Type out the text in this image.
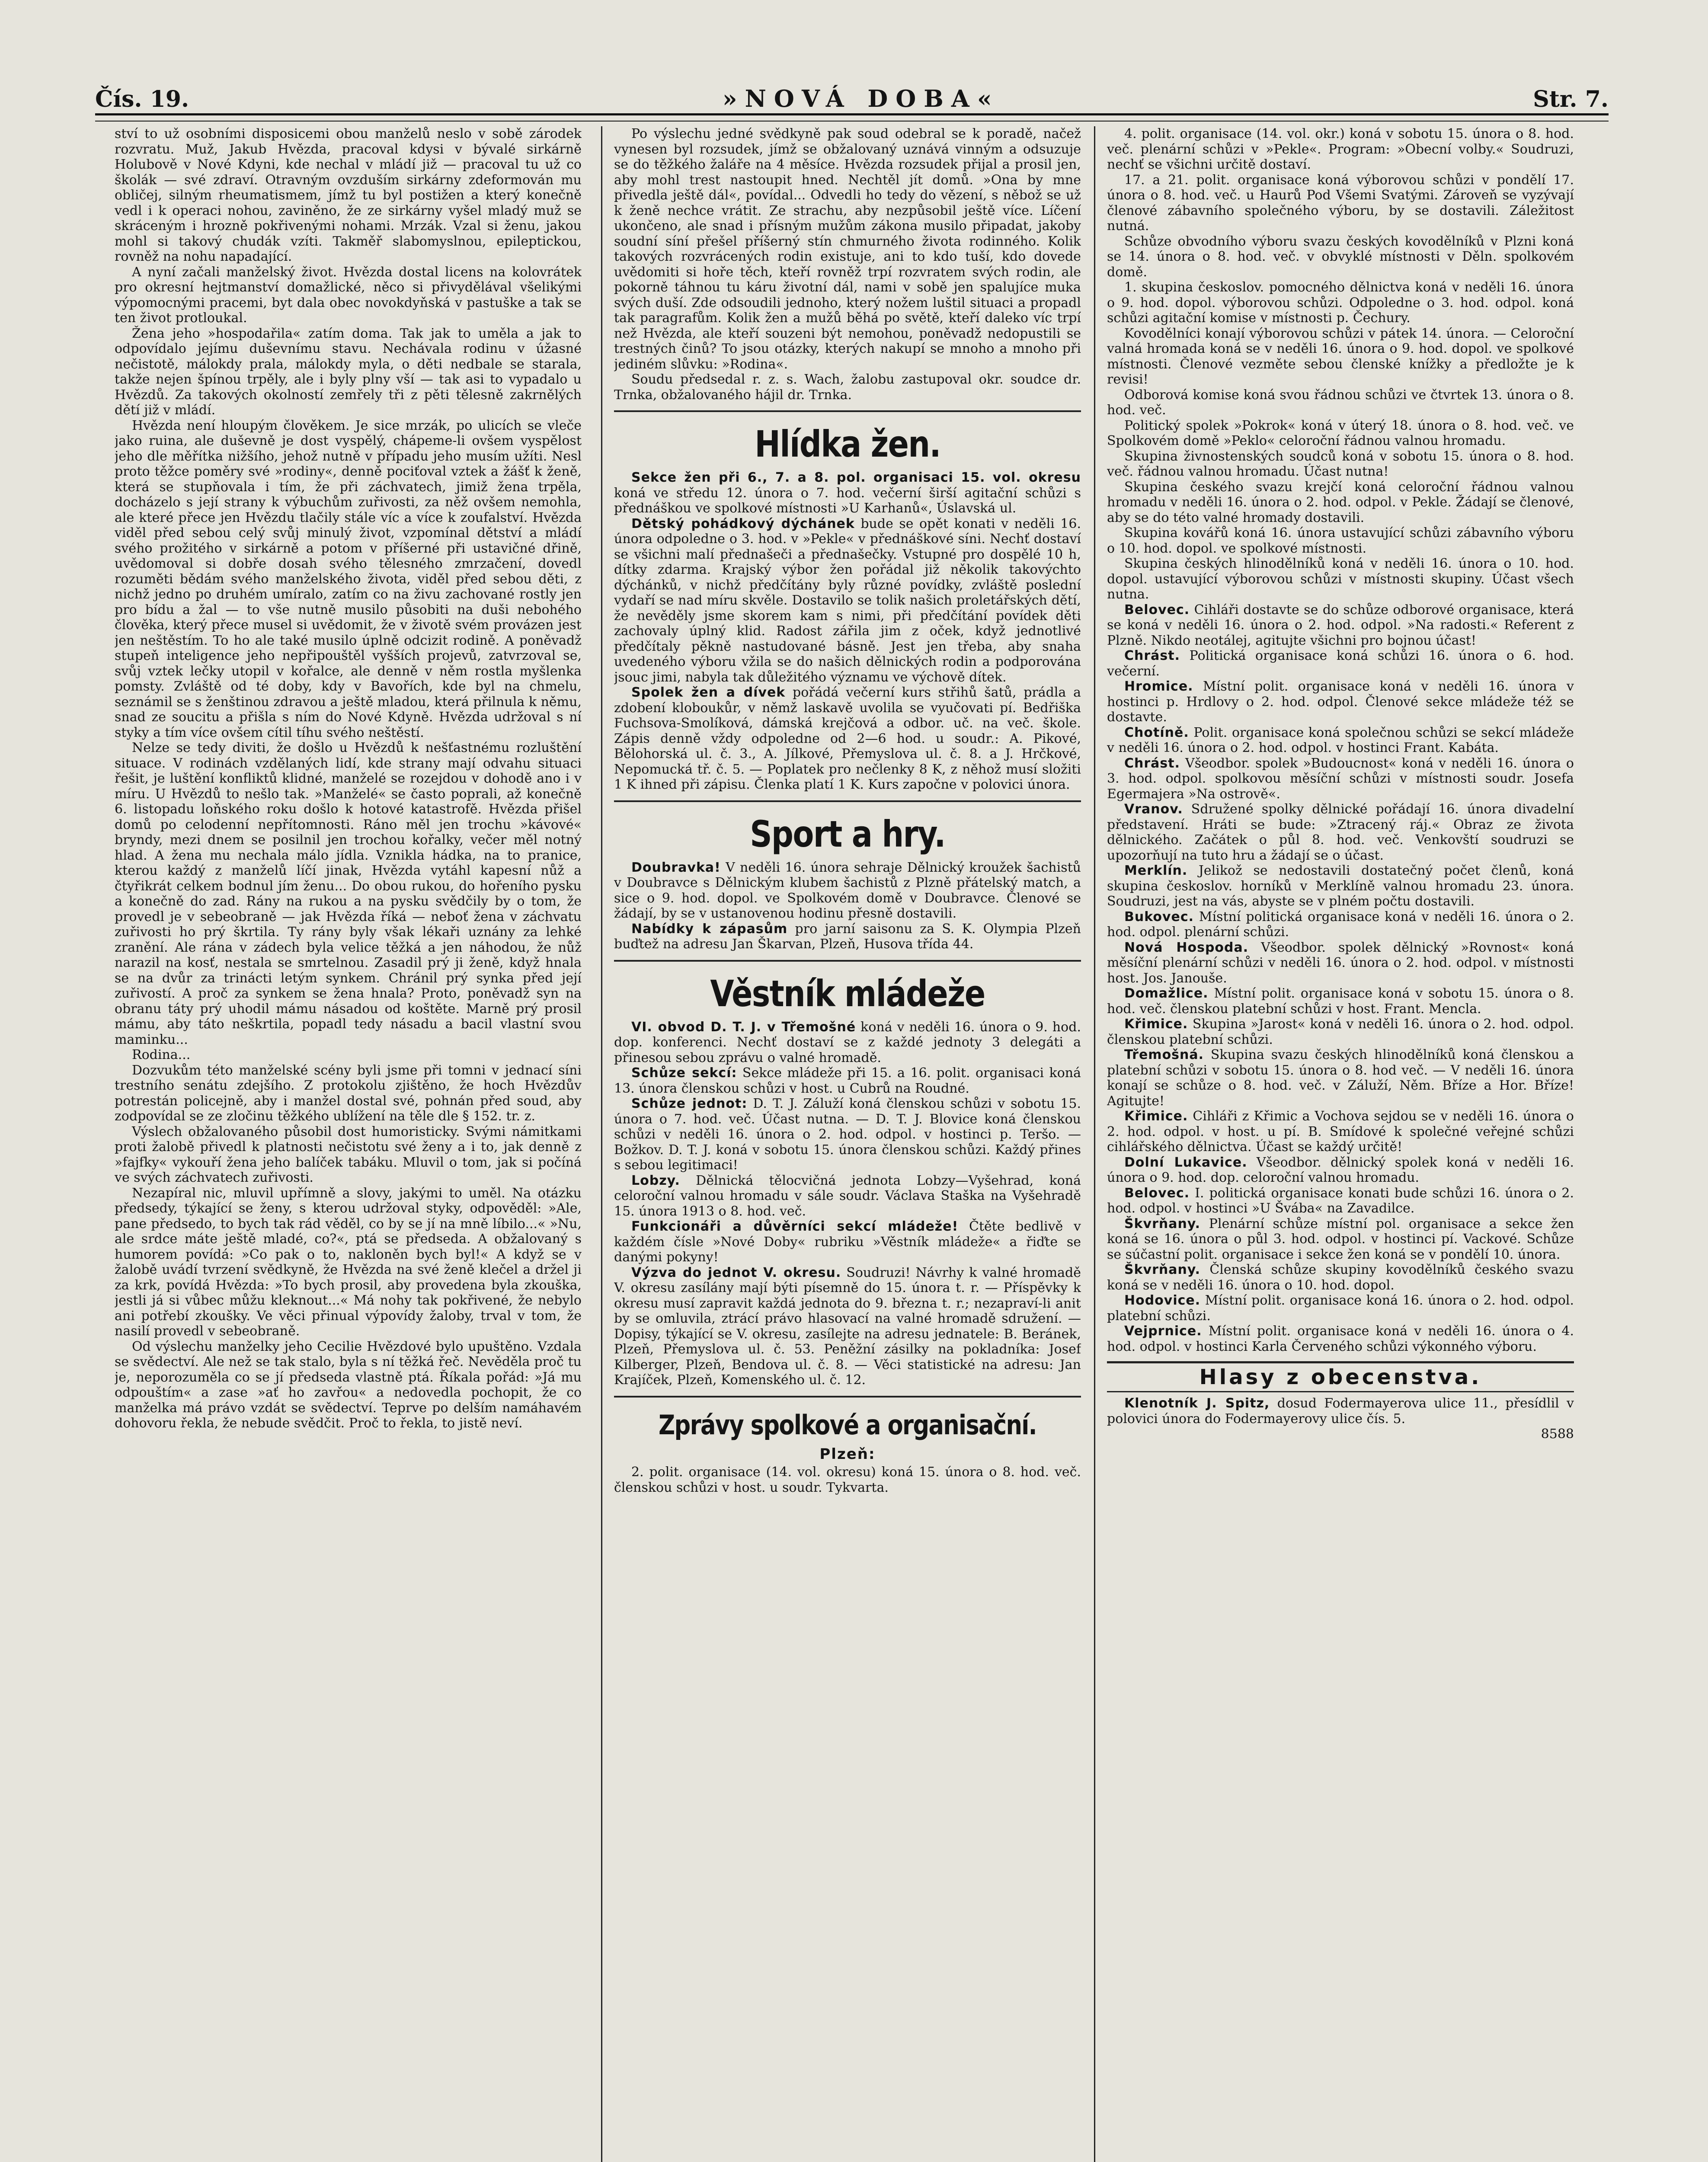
Čís. 19.	»NOVÁ DOBA«	Str. 7.

ství to už osobními disposicemi obou manželů neslo v sobě zárodek rozvratu. Muž, Jakub Hvězda, pracoval kdysi v bývalé sirkárně Holubově v Nové Kdyni, kde nechal v mládí již — pracoval tu už co školák — své zdraví. Otravným ovzduším sirkárny zdeformován mu obličej, silným rheumatismem, jímž tu byl postižen a který konečně vedl i k operaci nohou, zaviněno, že ze sirkárny vyšel mladý muž se skráceným i hrozně pokřivenými nohami. Mrzák. Vzal si ženu, jakou mohl si takový chudák vzíti. Takměř slabomyslnou, epileptickou, rovněž na nohu napadající.

A nyní začali manželský život. Hvězda dostal licens na kolovrátek pro okresní hejtmanství domažlické, něco si přivydělával všelikými výpomocnými pracemi, byt dala obec novokdyňská v pastuške a tak se ten život protloukal.

Žena jeho »hospodařila« zatím doma. Tak jak to uměla a jak to odpovídalo jejímu duševnímu stavu. Nechávala rodinu v úžasné nečistotě, málokdy prala, málokdy myla, o děti nedbale se starala, takže nejen špínou trpěly, ale i byly plny vší — tak asi to vypadalo u Hvězdů. Za takových okolností zemřely tři z pěti tělesně zakrnělých dětí již v mládí.

Hvězda není hloupým člověkem. Je sice mrzák, po ulicích se vleče jako ruina, ale duševně je dost vyspělý, chápeme-li ovšem vyspělost jeho dle měřítka nižšího, jehož nutně v případu jeho musím užíti. Nesl proto těžce poměry své »rodiny«, denně pociťoval vztek a žášť k ženě, která se stupňovala i tím, že při záchvatech, jimiž žena trpěla, docházelo s její strany k výbuchům zuřivosti, za něž ovšem nemohla, ale které přece jen Hvězdu tlačily stále víc a více k zoufalství. Hvězda viděl před sebou celý svůj minulý život, vzpomínal dětství a mládí svého prožitého v sirkárně a potom v příšerné při ustavičné dřině, uvědomoval si dobře dosah svého tělesného zmrzačení, dovedl rozuměti bědám svého manželského života, viděl před sebou děti, z nichž jedno po druhém umíralo, zatím co na živu zachované rostly jen pro bídu a žal — to vše nutně musilo působiti na duši nebohého člověka, který přece musel si uvědomit, že v životě svém provázen jest jen neštěstím. To ho ale také musilo úplně odcizit rodině. A poněvadž stupeň inteligence jeho nepřipouštěl vyšších projevů, zatvrzoval se, svůj vztek lečky utopil v kořalce, ale denně v něm rostla myšlenka pomsty. Zvláště od té doby, kdy v Bavořích, kde byl na chmelu, seznámil se s ženštinou zdravou a ještě mladou, která přilnula k němu, snad ze soucitu a přišla s ním do Nové Kdyně. Hvězda udržoval s ní styky a tím více ovšem cítil tíhu svého neštěstí.

Nelze se tedy diviti, že došlo u Hvězdů k nešťastnému rozluštění situace. V rodinách vzdělaných lidí, kde strany mají odvahu situaci řešit, je luštění konfliktů klidné, manželé se rozejdou v dohodě ano i v míru. U Hvězdů to nešlo tak. »Manželé« se často poprali, až konečně 6. listopadu loňského roku došlo k hotové katastrofě. Hvězda přišel domů po celodenní nepřítomnosti. Ráno měl jen trochu »kávové« bryndy, mezi dnem se posilnil jen trochou kořalky, večer měl notný hlad. A žena mu nechala málo jídla. Vznikla hádka, na to pranice, kterou každý z manželů líčí jinak, Hvězda vytáhl kapesní nůž a čtyřikrát celkem bodnul jím ženu... Do obou rukou, do hořeního pysku a konečně do zad. Rány na rukou a na pysku svědčily by o tom, že provedl je v sebeobraně — jak Hvězda říká — neboť žena v záchvatu zuřivosti ho prý škrtila. Ty rány byly však lékaři uznány za lehké zranění. Ale rána v zádech byla velice těžká a jen náhodou, že nůž narazil na kosť, nestala se smrtelnou. Zasadil prý ji ženě, když hnala se na dvůr za trinácti letým synkem. Chránil prý synka před její zuřivostí. A proč za synkem se žena hnala? Proto, poněvadž syn na obranu táty prý uhodil mámu násadou od koštěte. Marně prý prosil mámu, aby táto neškrtila, popadl tedy násadu a bacil vlastní svou maminku...

Rodina...

Dozvukům této manželské scény byli jsme při tomni v jednací síni trestního senátu zdejšího. Z protokolu zjištěno, že hoch Hvězdův potrestán policejně, aby i manžel dostal své, pohnán před soud, aby zodpovídal se ze zločinu těžkého ublížení na těle dle § 152. tr. z.

Výslech obžalovaného působil dost humoristicky. Svými námitkami proti žalobě přivedl k platnosti nečistotu své ženy a i to, jak denně z »fajfky« vykouří žena jeho balíček tabáku. Mluvil o tom, jak si počíná ve svých záchvatech zuřivosti.

Nezapíral nic, mluvil upřímně a slovy, jakými to uměl. Na otázku předsedy, týkající se ženy, s kterou udržoval styky, odpověděl: »Ale, pane předsedo, to bych tak rád věděl, co by se jí na mně líbilo...« »Nu, ale srdce máte ještě mladé, co?«, ptá se předseda. A obžalovaný s humorem povídá: »Co pak o to, nakloněn bych byl!« A když se v žalobě uvádí tvrzení svědkyně, že Hvězda na své ženě klečel a držel ji za krk, povídá Hvězda: »To bych prosil, aby provedena byla zkouška, jestli já si vůbec můžu kleknout...« Má nohy tak pokřivené, že nebylo ani potřebí zkoušky. Ve věci přinual výpovídy žaloby, trval v tom, že nasilí provedl v sebeobraně.

Od výslechu manželky jeho Cecilie Hvězdové bylo upuštěno. Vzdala se svědectví. Ale než se tak stalo, byla s ní těžká řeč. Nevěděla proč tu je, neporozuměla co se jí předseda vlastně ptá. Říkala pořád: »Já mu odpouštím« a zase »ať ho zavřou« a nedovedla pochopit, že co manželka má právo vzdát se svědectví. Teprve po delším namáhavém dohovoru řekla, že nebude svědčit. Proč to řekla, to jistě neví.

Po výslechu jedné svědkyně pak soud odebral se k poradě, načež vynesen byl rozsudek, jímž se obžalovaný uznává vinným a odsuzuje se do těžkého žaláře na 4 měsíce. Hvězda rozsudek přijal a prosil jen, aby mohl trest nastoupit hned. Nechtěl jít domů. »Ona by mne přivedla ještě dál«, povídal... Odvedli ho tedy do vězení, s něbož se už k ženě nechce vrátit. Ze strachu, aby nezpůsobil ještě více. Líčení ukončeno, ale snad i přísným mužům zákona musilo připadat, jakoby soudní síní přešel příšerný stín chmurného života rodinného. Kolik takových rozvrácených rodin existuje, ani to kdo tuší, kdo dovede uvědomiti si hoře těch, kteří rovněž trpí rozvratem svých rodin, ale pokorně táhnou tu káru životní dál, nami v sobě jen spalujíce muka svých duší. Zde odsoudili jednoho, který nožem luštil situaci a propadl tak paragrafům. Kolik žen a mužů běhá po světě, kteří daleko víc trpí než Hvězda, ale kteří souzeni být nemohou, poněvadž nedopustili se trestných činů? To jsou otázky, kterých nakupí se mnoho a mnoho při jediném slůvku: »Rodina«.

Soudu předsedal r. z. s. Wach, žalobu zastupoval okr. soudce dr. Trnka, obžalovaného hájil dr. Trnka.

Hlídka žen.

Sekce žen při 6., 7. a 8. pol. organisaci 15. vol. okresu koná ve středu 12. února o 7. hod. večerní širší agitační schůzi s přednáškou ve spolkové místnosti »U Karhanů«, Úslavská ul.

Dětský pohádkový dýchánek bude se opět konati v neděli 16. února odpoledne o 3. hod. v »Pekle« v přednáškové síni. Nechť dostaví se všichni malí přednašeči a přednašečky. Vstupné pro dospělé 10 h, dítky zdarma. Krajský výbor žen pořádal již několik takovýchto dýchánků, v nichž předčítány byly různé povídky, zvláště poslední vydaří se nad míru skvěle. Dostavilo se tolik našich proletářských dětí, že nevěděly jsme skorem kam s nimi, při předčítání povídek děti zachovaly úplný klid. Radost zářila jim z oček, když jednotlivé předčítaly pěkně nastudované básně. Jest jen třeba, aby snaha uvedeného výboru vžila se do našich dělnických rodin a podporována jsouc jimi, nabyla tak důležitého významu ve výchově dítek.

Spolek žen a dívek pořádá večerní kurs střihů šatů, prádla a zdobení kloboukůr, v němž laskavě uvolila se vyučovati pí. Bedřiška Fuchsova-Smolíková, dámská krejčová a odbor. uč. na več. škole. Zápis denně vždy odpoledne od 2—6 hod. u soudr.: A. Pikové, Bělohorská ul. č. 3., A. Jílkové, Přemyslova ul. č. 8. a J. Hrčkové, Nepomucká tř. č. 5. — Poplatek pro nečlenky 8 K, z něhož musí složiti 1 K ihned při zápisu. Členka platí 1 K. Kurs započne v polovici února.

Sport a hry.

Doubravka! V neděli 16. února sehraje Dělnický kroužek šachistů v Doubravce s Dělnickým klubem šachistů z Plzně přátelský match, a sice o 9. hod. dopol. ve Spolkovém domě v Doubravce. Členové se žádají, by se v ustanovenou hodinu přesně dostavili.

Nabídky k zápasům pro jarní saisonu za S. K. Olympia Plzeň buďtež na adresu Jan Škarvan, Plzeň, Husova třída 44.

Věstník mládeže

VI. obvod D. T. J. v Třemošné koná v neděli 16. února o 9. hod. dop. konferenci. Nechť dostaví se z každé jednoty 3 delegáti a přinesou sebou zprávu o valné hromadě.

Schůze sekcí: Sekce mládeže při 15. a 16. polit. organisaci koná 13. února členskou schůzi v host. u Cubrů na Roudné.

Schůze jednot: D. T. J. Záluží koná členskou schůzi v sobotu 15. února o 7. hod. več. Účast nutna. — D. T. J. Blovice koná členskou schůzi v neděli 16. února o 2. hod. odpol. v hostinci p. Teršo. — Božkov. D. T. J. koná v sobotu 15. února členskou schůzi. Každý přines s sebou legitimaci!

Lobzy. Dělnická tělocvičná jednota Lobzy—Vyšehrad, koná celoroční valnou hromadu v sále soudr. Václava Staška na Vyšehradě 15. února 1913 o 8. hod. več.

Funkcionáři a důvěrníci sekcí mládeže! Čtěte bedlivě v každém čísle »Nové Doby« rubriku »Věstník mládeže« a řiďte se danými pokyny!

Výzva do jednot V. okresu. Soudruzi! Návrhy k valné hromadě V. okresu zasílány mají býti písemně do 15. února t. r. — Příspěvky k okresu musí zapravit každá jednota do 9. března t. r.; nezapraví-li anit by se omluvila, ztrácí právo hlasovací na valné hromadě sdružení. — Dopisy, týkající se V. okresu, zasílejte na adresu jednatele: B. Beránek, Plzeň, Přemyslova ul. č. 53. Peněžní zásilky na pokladníka: Josef Kilberger, Plzeň, Bendova ul. č. 8. — Věci statistické na adresu: Jan Krajíček, Plzeň, Komenského ul. č. 12.

Zprávy spolkové a organisační.
Plzeň:

2. polit. organisace (14. vol. okresu) koná 15. února o 8. hod. več. členskou schůzi v host. u soudr. Tykvarta.

4. polit. organisace (14. vol. okr.) koná v sobotu 15. února o 8. hod. več. plenární schůzi v »Pekle«. Program: »Obecní volby.« Soudruzi, nechť se všichni určitě dostaví.

17. a 21. polit. organisace koná výborovou schůzi v pondělí 17. února o 8. hod. več. u Haurů Pod Všemi Svatými. Zároveň se vyzývají členové zábavního společného výboru, by se dostavili. Záležitost nutná.

Schůze obvodního výboru svazu českých kovodělníků v Plzni koná se 14. února o 8. hod. več. v obvyklé místnosti v Děln. spolkovém domě.

1. skupina českoslov. pomocného dělnictva koná v neděli 16. února o 9. hod. dopol. výborovou schůzi. Odpoledne o 3. hod. odpol. koná schůzi agitační komise v místnosti p. Čechury.

Kovodělníci konají výborovou schůzi v pátek 14. února. — Celoroční valná hromada koná se v neděli 16. února o 9. hod. dopol. ve spolkové místnosti. Členové vezměte sebou členské knížky a předložte je k revisi!

Odborová komise koná svou řádnou schůzi ve čtvrtek 13. února o 8. hod. več.

Politický spolek »Pokrok« koná v úterý 18. února o 8. hod. več. ve Spolkovém domě »Peklo« celoroční řádnou valnou hromadu.

Skupina živnostenských soudců koná v sobotu 15. února o 8. hod. več. řádnou valnou hromadu. Účast nutna!

Skupina českého svazu krejčí koná celoroční řádnou valnou hromadu v neděli 16. února o 2. hod. odpol. v Pekle. Žádají se členové, aby se do této valné hromady dostavili.

Skupina kovářů koná 16. února ustavující schůzi zábavního výboru o 10. hod. dopol. ve spolkové místnosti.

Skupina českých hlinodělníků koná v neděli 16. února o 10. hod. dopol. ustavující výborovou schůzi v místnosti skupiny. Účast všech nutna.

Belovec. Cihláři dostavte se do schůze odborové organisace, která se koná v neděli 16. února o 2. hod. odpol. »Na radosti.« Referent z Plzně. Nikdo neotálej, agitujte všichni pro bojnou účast!

Chrást. Politická organisace koná schůzi 16. února o 6. hod. večerní.

Hromice. Místní polit. organisace koná v neděli 16. února v hostinci p. Hrdlovy o 2. hod. odpol. Členové sekce mládeže též se dostavte.

Chotíně. Polit. organisace koná společnou schůzi se sekcí mládeže v neděli 16. února o 2. hod. odpol. v hostinci Frant. Kabáta.

Chrást. Všeodbor. spolek »Budoucnost« koná v neděli 16. února o 3. hod. odpol. spolkovou měsíční schůzi v místnosti soudr. Josefa Egermajera »Na ostrově«.

Vranov. Sdružené spolky dělnické pořádají 16. února divadelní představení. Hráti se bude: »Ztracený ráj.« Obraz ze života dělnického. Začátek o půl 8. hod. več. Venkovští soudruzi se upozorňují na tuto hru a žádají se o účast.

Merklín. Jelikož se nedostavili dostatečný počet členů, koná skupina českoslov. horníků v Merklíně valnou hromadu 23. února. Soudruzi, jest na vás, abyste se v plném počtu dostavili.

Bukovec. Místní politická organisace koná v neděli 16. února o 2. hod. odpol. plenární schůzi.

Nová Hospoda. Všeodbor. spolek dělnický »Rovnost« koná měsíční plenární schůzi v neděli 16. února o 2. hod. odpol. v místnosti host. Jos. Janouše.

Domažlice. Místní polit. organisace koná v sobotu 15. února o 8. hod. več. členskou platební schůzi v host. Frant. Mencla.

Křimice. Skupina »Jarost« koná v neděli 16. února o 2. hod. odpol. členskou platební schůzi.

Třemošná. Skupina svazu českých hlinodělníků koná členskou a platební schůzi v sobotu 15. února o 8. hod več. — V neděli 16. února konají se schůze o 8. hod. več. v Záluží, Něm. Bříze a Hor. Bříze! Agitujte!

Křimice. Cihláři z Křimic a Vochova sejdou se v neděli 16. února o 2. hod. odpol. v host. u pí. B. Smídové k společné veřejné schůzi cihlářského dělnictva. Účast se každý určitě!

Dolní Lukavice. Všeodbor. dělnický spolek koná v neděli 16. února o 9. hod. dop. celoroční valnou hromadu.

Belovec. I. politická organisace konati bude schůzi 16. února o 2. hod. odpol. v hostinci »U Švába« na Zavadilce.

Škvrňany. Plenární schůze místní pol. organisace a sekce žen koná se 16. února o půl 3. hod. odpol. v hostinci pí. Vackové. Schůze se súčastní polit. organisace i sekce žen koná se v pondělí 10. února.

Škvrňany. Členská schůze skupiny kovodělníků českého svazu koná se v neděli 16. února o 10. hod. dopol.

Hodovice. Místní polit. organisace koná 16. února o 2. hod. odpol. platební schůzi.

Vejprnice. Místní polit. organisace koná v neděli 16. února o 4. hod. odpol. v hostinci Karla Červeného schůzi výkonného výboru.

Hlasy z obecenstva.

Klenotník J. Spitz, dosud Fodermayerova ulice 11., přesídlil v polovici února do Fodermayerovy ulice čís. 5.

8588
